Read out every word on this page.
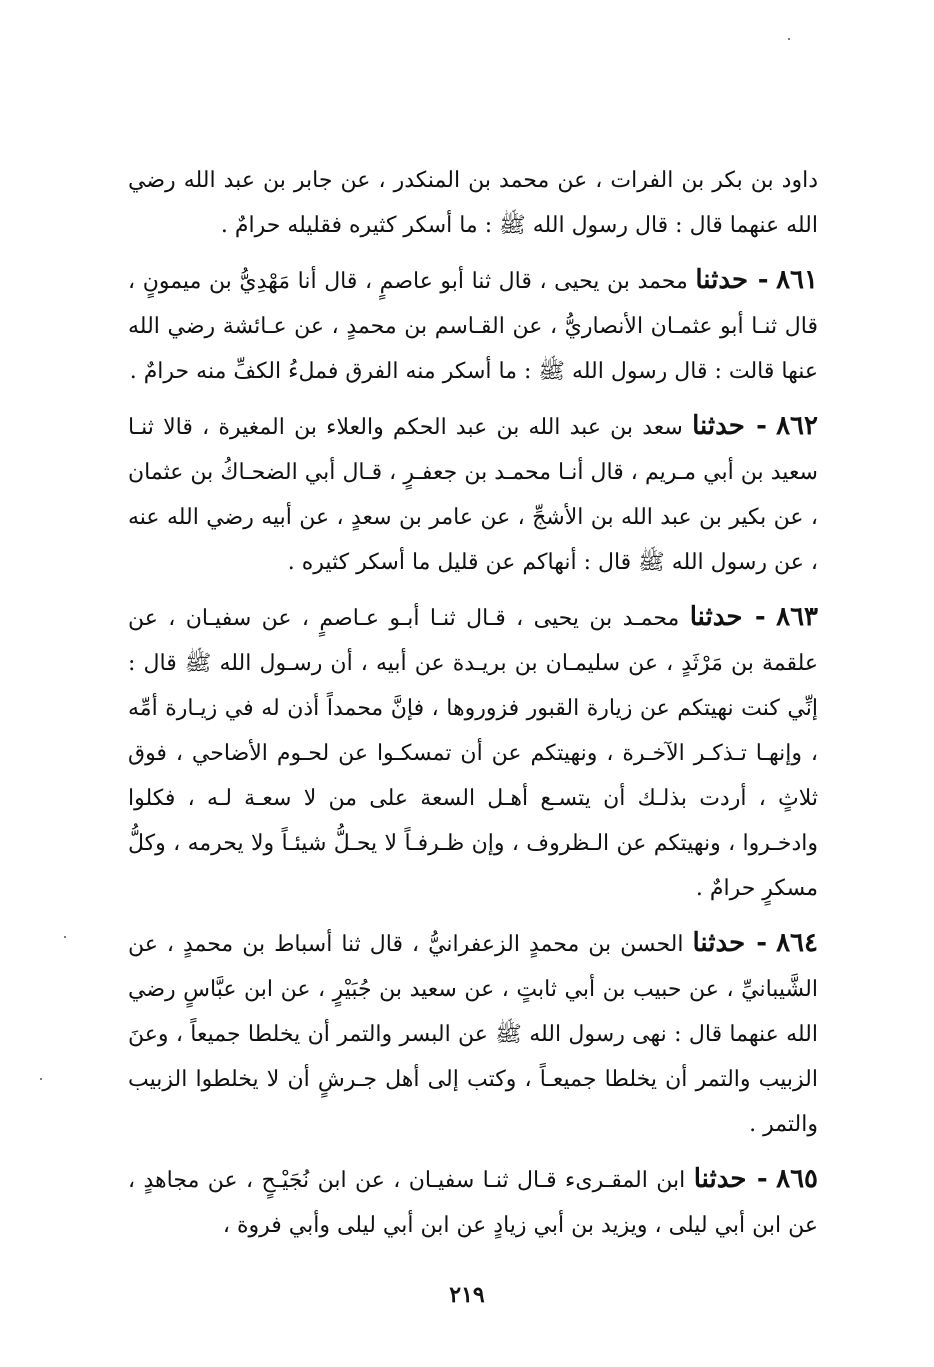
داود بن بكر بن الفرات ، عن محمد بن المنكدر ، عن جابر بن عبد الله رضي الله عنهما قال : قال رسول الله ﷺ : ما أسكر كثيره فقليله حرامٌ .

٨٦١ - حدثنا محمد بن يحيى ، قال ثنا أبو عاصمٍ ، قال أنا مَهْدِيُّ بن ميمونٍ ، قال ثنـا أبو عثمـان الأنصاريُّ ، عن القـاسم بن محمدٍ ، عن عـائشة رضي الله عنها قالت : قال رسول الله ﷺ : ما أسكر منه الفرق فملءُ الكفِّ منه حرامٌ .

٨٦٢ - حدثنا سعد بن عبد الله بن عبد الحكم والعلاء بن المغيرة ، قالا ثنـا سعيد بن أبي مـريم ، قال أنـا محمـد بن جعفـرٍ ، قـال أبي الضحـاكُ بن عثمان ، عن بكير بن عبد الله بن الأشجِّ ، عن عامر بن سعدٍ ، عن أبيه رضي الله عنه ، عن رسول الله ﷺ قال : أنهاكم عن قليل ما أسكر كثيره .

٨٦٣ - حدثنا محمـد بن يحيى ، قـال ثنـا أبـو عـاصمٍ ، عن سفيـان ، عن علقمة بن مَرْثَدٍ ، عن سليمـان بن بريـدة عن أبيه ، أن رسـول الله ﷺ قال : إنِّي كنت نهيتكم عن زيارة القبور فزوروها ، فإنَّ محمداً أذن له في زيـارة أمِّه ، وإنهـا تـذكـر الآخـرة ، ونهيتكم عن أن تمسكـوا عن لحـوم الأضاحي ، فوق ثلاثٍ ، أردت بذلـك أن يتسـع أهـل السعة على من لا سعـة لـه ، فكلوا وادخـروا ، ونهيتكم عن الـظروف ، وإن ظـرفـاً لا يحـلُّ شيئـاً ولا يحرمه ، وكلُّ مسكرٍ حرامٌ .

٨٦٤ - حدثنا الحسن بن محمدٍ الزعفرانيُّ ، قال ثنا أسباط بن محمدٍ ، عن الشَّيبانيِّ ، عن حبيب بن أبي ثابتٍ ، عن سعيد بن جُبَيْرٍ ، عن ابن عبَّاسٍ رضي الله عنهما قال : نهى رسول الله ﷺ عن البسر والتمر أن يخلطا جميعاً ، وعنَ الزبيب والتمر أن يخلطا جميعـاً ، وكتب إلى أهل جـرشٍ أن لا يخلطوا الزبيب والتمر .

٨٦٥ - حدثنا ابن المقـرىء قـال ثنـا سفيـان ، عن ابن نُجَيْـحٍ ، عن مجاهدٍ ، عن ابن أبي ليلى ، ويزيد بن أبي زيادٍ عن ابن أبي ليلى وأبي فروة ،

٢١٩
